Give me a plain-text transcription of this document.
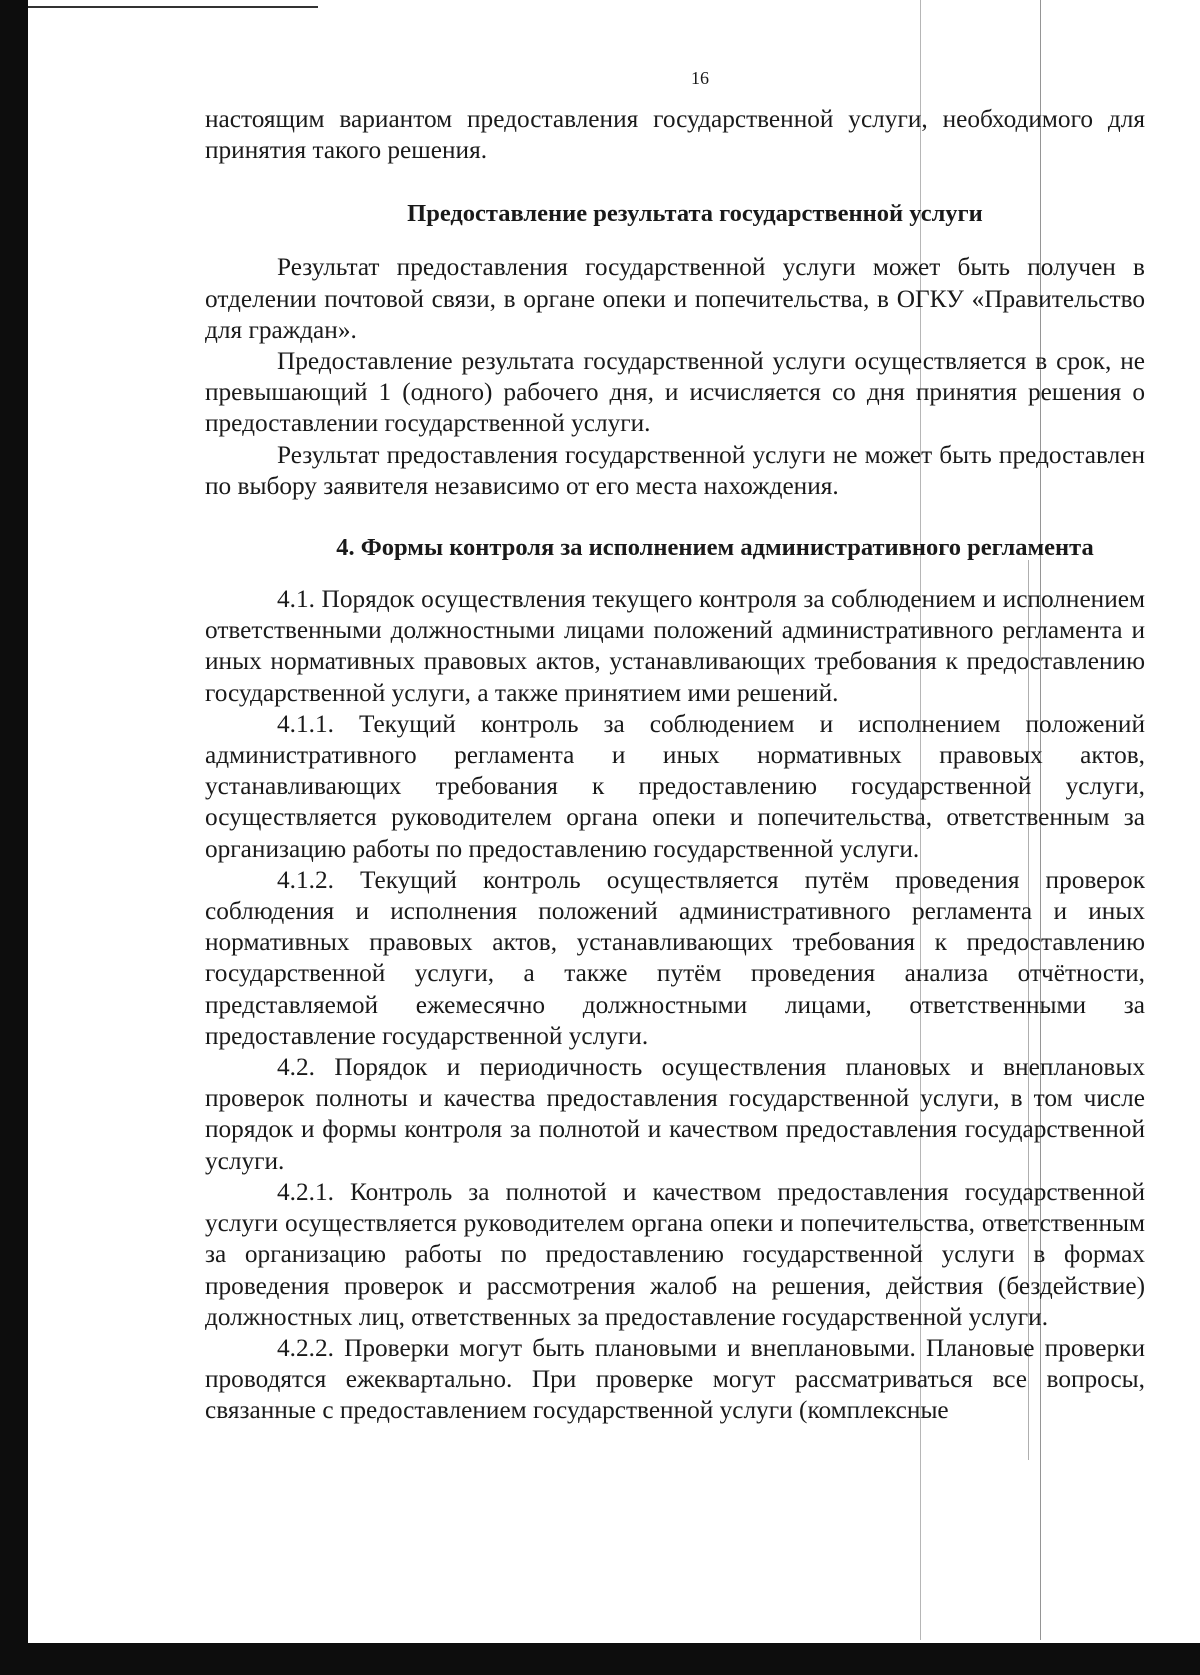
16

настоящим вариантом предоставления государственной услуги, необходимого для принятия такого решения.

Предоставление результата государственной услуги

Результат предоставления государственной услуги может быть получен в отделении почтовой связи, в органе опеки и попечительства, в ОГКУ «Правительство для граждан».

Предоставление результата государственной услуги осуществляется в срок, не превышающий 1 (одного) рабочего дня, и исчисляется со дня принятия решения о предоставлении государственной услуги.

Результат предоставления государственной услуги не может быть предоставлен по выбору заявителя независимо от его места нахождения.

4. Формы контроля за исполнением административного регламента

4.1. Порядок осуществления текущего контроля за соблюдением и исполнением ответственными должностными лицами положений административного регламента и иных нормативных правовых актов, устанавливающих требования к предоставлению государственной услуги, а также принятием ими решений.

4.1.1. Текущий контроль за соблюдением и исполнением положений административного регламента и иных нормативных правовых актов, устанавливающих требования к предоставлению государственной услуги, осуществляется руководителем органа опеки и попечительства, ответственным за организацию работы по предоставлению государственной услуги.

4.1.2. Текущий контроль осуществляется путём проведения проверок соблюдения и исполнения положений административного регламента и иных нормативных правовых актов, устанавливающих требования к предоставлению государственной услуги, а также путём проведения анализа отчётности, представляемой ежемесячно должностными лицами, ответственными за предоставление государственной услуги.

4.2. Порядок и периодичность осуществления плановых и внеплановых проверок полноты и качества предоставления государственной услуги, в том числе порядок и формы контроля за полнотой и качеством предоставления государственной услуги.

4.2.1. Контроль за полнотой и качеством предоставления государственной услуги осуществляется руководителем органа опеки и попечительства, ответственным за организацию работы по предоставлению государственной услуги в формах проведения проверок и рассмотрения жалоб на решения, действия (бездействие) должностных лиц, ответственных за предоставление государственной услуги.

4.2.2. Проверки могут быть плановыми и внеплановыми. Плановые проверки проводятся ежеквартально. При проверке могут рассматриваться все вопросы, связанные с предоставлением государственной услуги (комплексные
